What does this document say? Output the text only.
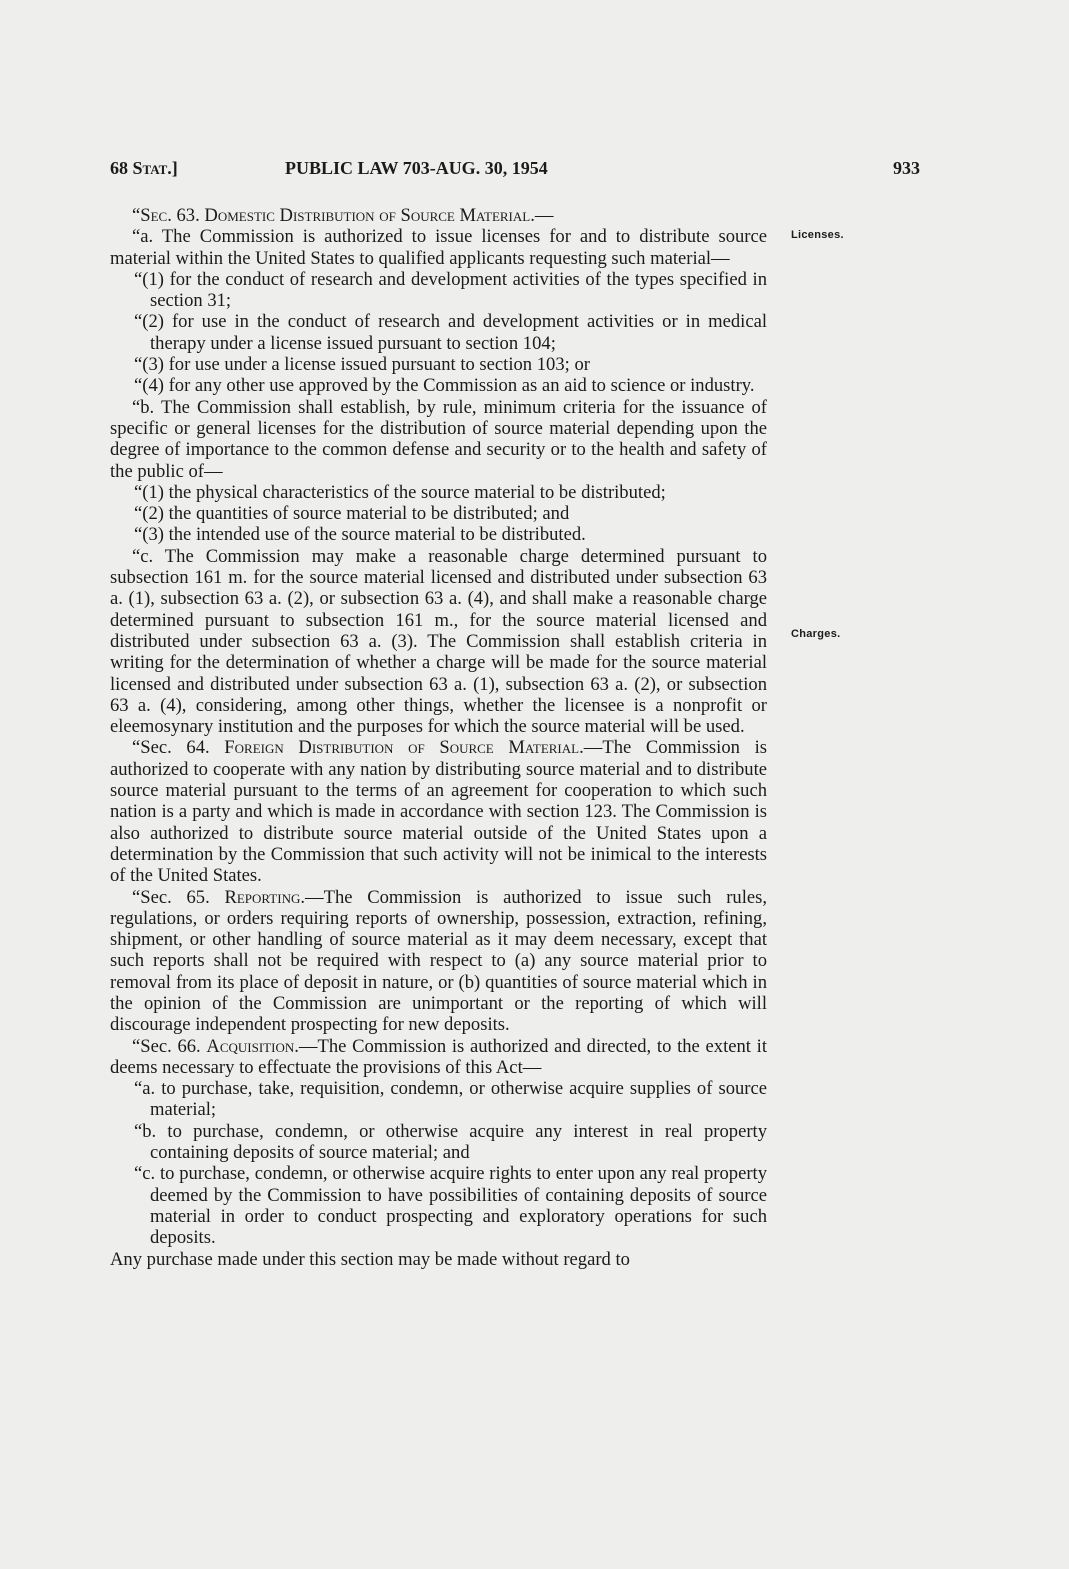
68 Stat.]	PUBLIC LAW 703-AUG. 30, 1954	933
Licenses.
Charges.

“Sec. 63. Domestic Distribution of Source Material.—

“a. The Commission is authorized to issue licenses for and to distribute source material within the United States to qualified applicants requesting such material—

“(1) for the conduct of research and development activities of the types specified in section 31;

“(2) for use in the conduct of research and development activities or in medical therapy under a license issued pursuant to section 104;

“(3) for use under a license issued pursuant to section 103; or

“(4) for any other use approved by the Commission as an aid to science or industry.

“b. The Commission shall establish, by rule, minimum criteria for the issuance of specific or general licenses for the distribution of source material depending upon the degree of importance to the common defense and security or to the health and safety of the public of—

“(1) the physical characteristics of the source material to be distributed;

“(2) the quantities of source material to be distributed; and

“(3) the intended use of the source material to be distributed.

“c. The Commission may make a reasonable charge determined pursuant to subsection 161 m. for the source material licensed and distributed under subsection 63 a. (1), subsection 63 a. (2), or subsection 63 a. (4), and shall make a reasonable charge determined pursuant to subsection 161 m., for the source material licensed and distributed under subsection 63 a. (3). The Commission shall establish criteria in writing for the determination of whether a charge will be made for the source material licensed and distributed under subsection 63 a. (1), subsection 63 a. (2), or subsection 63 a. (4), considering, among other things, whether the licensee is a nonprofit or eleemosynary institution and the purposes for which the source material will be used.

“Sec. 64. Foreign Distribution of Source Material.—The Commission is authorized to cooperate with any nation by distributing source material and to distribute source material pursuant to the terms of an agreement for cooperation to which such nation is a party and which is made in accordance with section 123. The Commission is also authorized to distribute source material outside of the United States upon a determination by the Commission that such activity will not be inimical to the interests of the United States.

“Sec. 65. Reporting.—The Commission is authorized to issue such rules, regulations, or orders requiring reports of ownership, possession, extraction, refining, shipment, or other handling of source material as it may deem necessary, except that such reports shall not be required with respect to (a) any source material prior to removal from its place of deposit in nature, or (b) quantities of source material which in the opinion of the Commission are unimportant or the reporting of which will discourage independent prospecting for new deposits.

“Sec. 66. Acquisition.—The Commission is authorized and directed, to the extent it deems necessary to effectuate the provisions of this Act—

“a. to purchase, take, requisition, condemn, or otherwise acquire supplies of source material;

“b. to purchase, condemn, or otherwise acquire any interest in real property containing deposits of source material; and

“c. to purchase, condemn, or otherwise acquire rights to enter upon any real property deemed by the Commission to have possibilities of containing deposits of source material in order to conduct prospecting and exploratory operations for such deposits.

Any purchase made under this section may be made without regard to
